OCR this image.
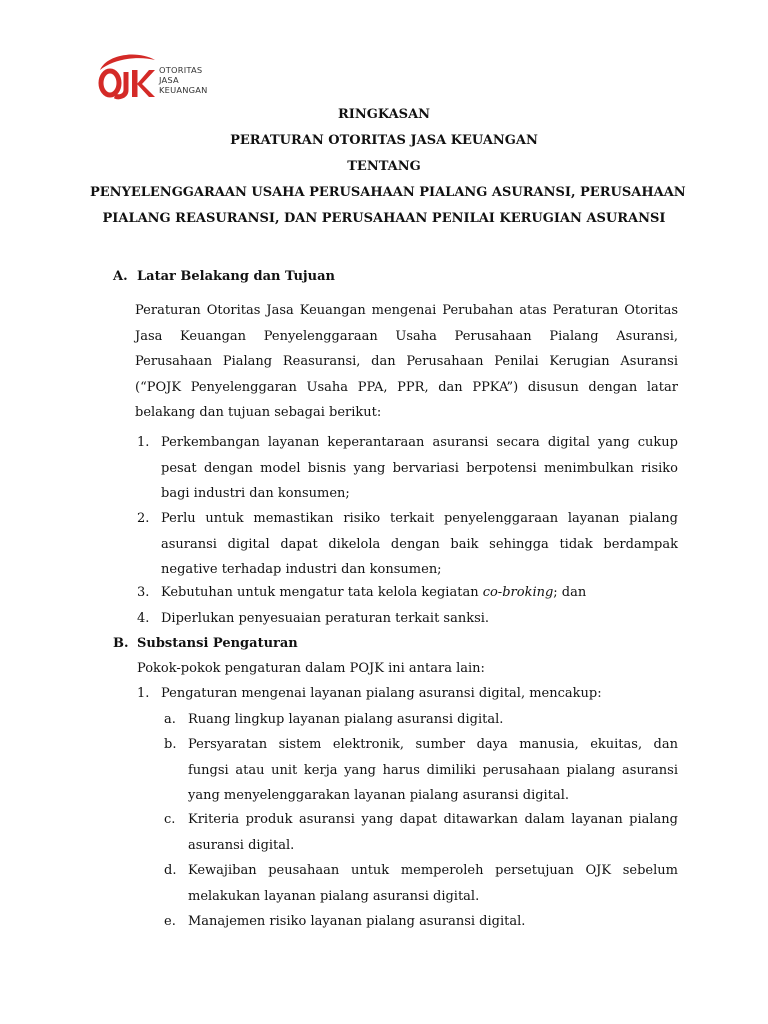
OTORITAS
JASA
KEUANGAN
RINGKASAN
PERATURAN OTORITAS JASA KEUANGAN
TENTANG
PENYELENGGARAAN USAHA PERUSAHAAN PIALANG ASURANSI, PERUSAHAAN
PIALANG REASURANSI, DAN PERUSAHAAN PENILAI KERUGIAN ASURANSI
A. Latar Belakang dan Tujuan
Peraturan Otoritas Jasa Keuangan mengenai Perubahan atas Peraturan Otoritas
Jasa Keuangan Penyelenggaraan Usaha Perusahaan Pialang Asuransi,
Perusahaan Pialang Reasuransi, dan Perusahaan Penilai Kerugian Asuransi
(“POJK Penyelenggaran Usaha PPA, PPR, dan PPKA”) disusun dengan latar
belakang dan tujuan sebagai berikut:
1. Perkembangan layanan keperantaraan asuransi secara digital yang cukup
pesat dengan model bisnis yang bervariasi berpotensi menimbulkan risiko
bagi industri dan konsumen;
2. Perlu untuk memastikan risiko terkait penyelenggaraan layanan pialang
asuransi digital dapat dikelola dengan baik sehingga tidak berdampak
negative terhadap industri dan konsumen;
3. Kebutuhan untuk mengatur tata kelola kegiatan co-broking; dan
4. Diperlukan penyesuaian peraturan terkait sanksi.
B. Substansi Pengaturan
Pokok-pokok pengaturan dalam POJK ini antara lain:
1. Pengaturan mengenai layanan pialang asuransi digital, mencakup:
a. Ruang lingkup layanan pialang asuransi digital.
b. Persyaratan sistem elektronik, sumber daya manusia, ekuitas, dan
fungsi atau unit kerja yang harus dimiliki perusahaan pialang asuransi
yang menyelenggarakan layanan pialang asuransi digital.
c. Kriteria produk asuransi yang dapat ditawarkan dalam layanan pialang
asuransi digital.
d. Kewajiban peusahaan untuk memperoleh persetujuan OJK sebelum
melakukan layanan pialang asuransi digital.
e. Manajemen risiko layanan pialang asuransi digital.
